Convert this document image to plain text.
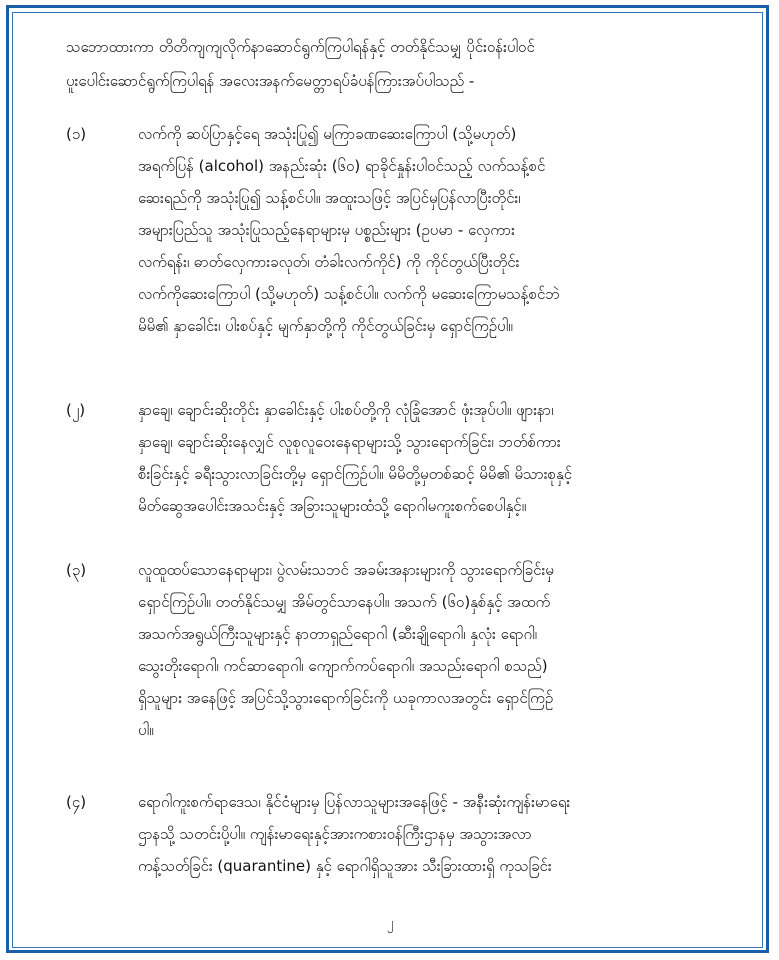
သဘောထားကာ တိတိကျကျလိုက်နာဆောင်ရွက်ကြပါရန်နှင့် တတ်နိုင်သမျှ ပိုင်းဝန်းပါဝင်

ပူးပေါင်းဆောင်ရွက်ကြပါရန် အလေးအနက်မေတ္တာရပ်ခံပန်ကြားအပ်ပါသည် -

(၁)	လက်ကို ဆပ်ပြာနှင့်ရေ အသုံးပြု၍ မကြာခဏဆေးကြောပါ (သို့မဟုတ်)

အရက်ပြန် (alcohol) အနည်းဆုံး (၆၀) ရာခိုင်နှုန်းပါဝင်သည့် လက်သန့်စင်

ဆေးရည်ကို အသုံးပြု၍ သန့်စင်ပါ။ အထူးသဖြင့် အပြင်မှပြန်လာပြီးတိုင်း၊

အများပြည်သူ အသုံးပြုသည့်နေရာများမှ ပစ္စည်းများ (ဥပမာ - လှေကား

လက်ရန်း၊ ဓာတ်လှေကားခလုတ်၊ တံခါးလက်ကိုင်) ကို ကိုင်တွယ်ပြီးတိုင်း

လက်ကိုဆေးကြောပါ (သို့မဟုတ်) သန့်စင်ပါ။ လက်ကို မဆေးကြောမသန့်စင်ဘဲ

မိမိ၏ နှာခေါင်း၊ ပါးစပ်နှင့် မျက်နှာတို့ကို ကိုင်တွယ်ခြင်းမှ ရှောင်ကြဉ်ပါ။

(၂)	နှာချေ၊ ချောင်းဆိုးတိုင်း နှာခေါင်းနှင့် ပါးစပ်တို့ကို လုံခြုံအောင် ဖုံးအုပ်ပါ။ ဖျားနာ၊

နှာချေ၊ ချောင်းဆိုးနေလျှင် လူစုလူဝေးနေရာများသို့ သွားရောက်ခြင်း၊ ဘတ်စ်ကား

စီးခြင်းနှင့် ခရီးသွားလာခြင်းတို့မှ ရှောင်ကြဉ်ပါ။ မိမိတို့မှတစ်ဆင့် မိမိ၏ မိသားစုနှင့်

မိတ်ဆွေအပေါင်းအသင်းနှင့် အခြားသူများထံသို့ ရောဂါမကူးစက်စေပါနှင့်။

(၃)	လူထူထပ်သောနေရာများ၊ ပွဲလမ်းသဘင် အခမ်းအနားများကို သွားရောက်ခြင်းမှ

ရှောင်ကြဉ်ပါ။ တတ်နိုင်သမျှ အိမ်တွင်သာနေပါ။ အသက် (၆၀)နှစ်နှင့် အထက်

အသက်အရွယ်ကြီးသူများနှင့် နာတာရှည်ရောဂါ (ဆီးချိုရောဂါ၊ နှလုံး ရောဂါ၊

သွေးတိုးရောဂါ၊ ကင်ဆာရောဂါ၊ ကျောက်ကပ်ရောဂါ၊ အသည်းရောဂါ စသည်)

ရှိသူများ အနေဖြင့် အပြင်သို့သွားရောက်ခြင်းကို ယခုကာလအတွင်း ရှောင်ကြဉ်

ပါ။

(၄)	ရောဂါကူးစက်ရာဒေသ၊ နိုင်ငံများမှ ပြန်လာသူများအနေဖြင့် - အနီးဆုံးကျန်းမာရေး

ဌာနသို့ သတင်းပို့ပါ။ ကျန်းမာရေးနှင့်အားကစားဝန်ကြီးဌာနမှ အသွားအလာ

ကန့်သတ်ခြင်း (quarantine) နှင့် ရောဂါရှိသူအား သီးခြားထားရှိ ကုသခြင်း

၂
